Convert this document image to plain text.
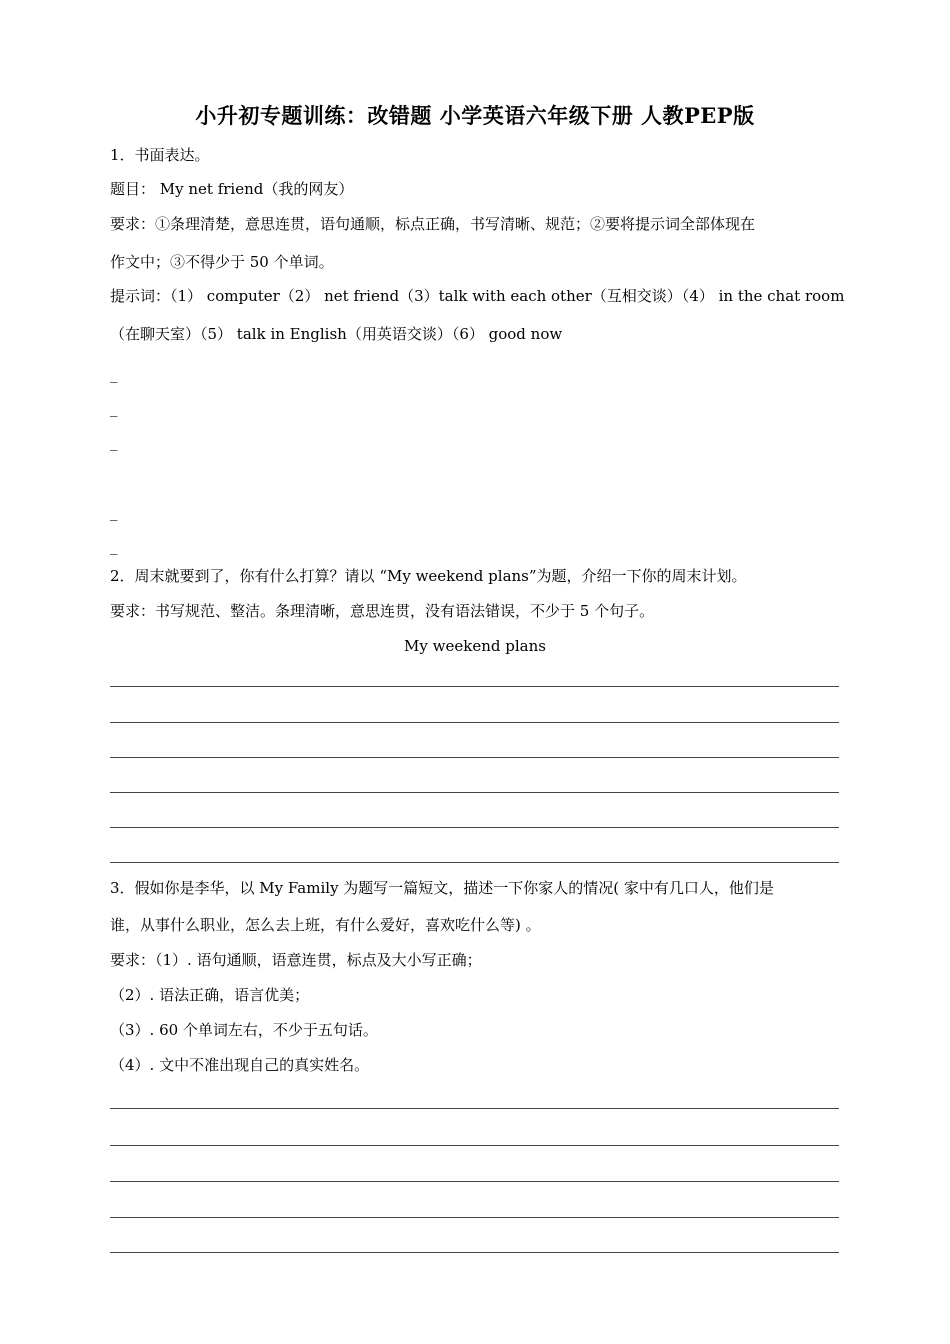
小升初专题训练：改错题 小学英语六年级下册 人教PEP版
1．书面表达。
题目： My net friend（我的网友）
要求：①条理清楚，意思连贯，语句通顺，标点正确，书写清晰、规范；②要将提示词全部体现在
作文中；③不得少于 50 个单词。
提示词：（1） computer（2） net friend（3）talk with each other（互相交谈）（4） in the chat room
（在聊天室）（5） talk in English（用英语交谈）（6） good now
_
_
_
_
_
2．周末就要到了，你有什么打算？请以 “My weekend plans”为题，介绍一下你的周末计划。
要求：书写规范、整洁。条理清晰，意思连贯，没有语法错误，不少于 5 个句子。
My weekend plans
3．假如你是李华，以 My Family 为题写一篇短文，描述一下你家人的情况( 家中有几口人，他们是
谁，从事什么职业，怎么去上班，有什么爱好，喜欢吃什么等) 。
要求：（1）. 语句通顺，语意连贯，标点及大小写正确；
（2）. 语法正确，语言优美；
（3）. 60 个单词左右，不少于五句话。
（4）. 文中不准出现自己的真实姓名。
